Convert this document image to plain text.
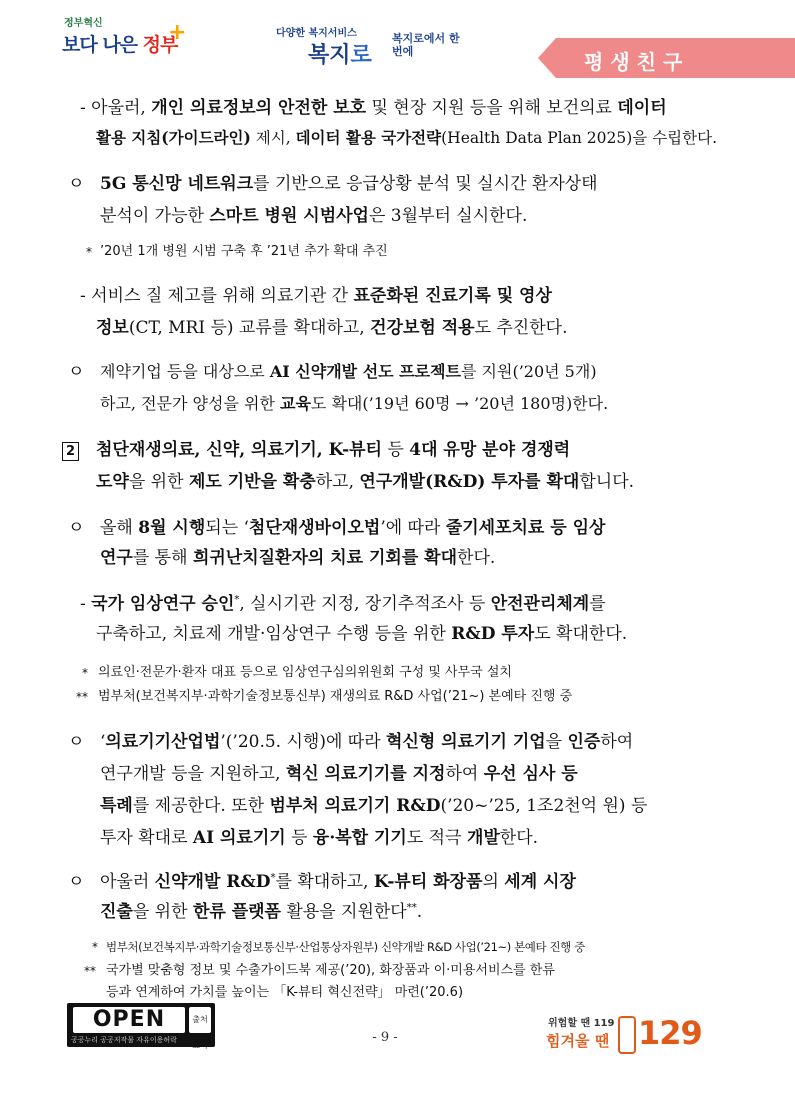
정부혁신
보다 나은 정부
+	다양한 복지서비스
복지로
복지로에서 한 번에	평생친구
- 아울러, 개인 의료정보의 안전한 보호 및 현장 지원 등을 위해 보건의료 데이터
활용 지침(가이드라인) 제시, 데이터 활용 국가전략(Health Data Plan 2025)을 수립한다.
ㅇ 5G 통신망 네트워크를 기반으로 응급상황 분석 및 실시간 환자상태
분석이 가능한 스마트 병원 시범사업은 3월부터 실시한다.
* ’20년 1개 병원 시범 구축 후 ’21년 추가 확대 추진
- 서비스 질 제고를 위해 의료기관 간 표준화된 진료기록 및 영상
정보(CT, MRI 등) 교류를 확대하고, 건강보험 적용도 추진한다.
ㅇ 제약기업 등을 대상으로 AI 신약개발 선도 프로젝트를 지원(’20년 5개)
하고, 전문가 양성을 위한 교육도 확대(’19년 60명 → ’20년 180명)한다.
2 첨단재생의료, 신약, 의료기기, K-뷰티 등 4대 유망 분야 경쟁력
도약을 위한 제도 기반을 확충하고, 연구개발(R&D) 투자를 확대합니다.
ㅇ 올해 8월 시행되는 ‘첨단재생바이오법’에 따라 줄기세포치료 등 임상
연구를 통해 희귀난치질환자의 치료 기회를 확대한다.
- 국가 임상연구 승인*, 실시기관 지정, 장기추적조사 등 안전관리체계를
구축하고, 치료제 개발·임상연구 수행 등을 위한 R&D 투자도 확대한다.
* 의료인·전문가·환자 대표 등으로 임상연구심의위원회 구성 및 사무국 설치
** 범부처(보건복지부·과학기술정보통신부) 재생의료 R&D 사업(’21~) 본예타 진행 중
ㅇ ‘의료기기산업법’(’20.5. 시행)에 따라 혁신형 의료기기 기업을 인증하여
연구개발 등을 지원하고, 혁신 의료기기를 지정하여 우선 심사 등
특례를 제공한다. 또한 범부처 의료기기 R&D(’20~’25, 1조2천억 원) 등
투자 확대로 AI 의료기기 등 융·복합 기기도 적극 개발한다.
ㅇ 아울러 신약개발 R&D*를 확대하고, K-뷰티 화장품의 세계 시장
진출을 위한 한류 플랫폼 활용을 지원한다**.
* 범부처(보건복지부·과학기술정보통신부·산업통상자원부) 신약개발 R&D 사업(’21~) 본예타 진행 중
** 국가별 맞춤형 정보 및 수출가이드북 제공(’20), 화장품과 이·미용서비스를 한류
등과 연계하여 가치를 높이는 「K-뷰티 혁신전략」 마련(’20.6)
OPEN	출처표시
공공누리 공공저작물 자유이용허락	- 9 -
위험할 땐 119
힘겨울 땐 129
